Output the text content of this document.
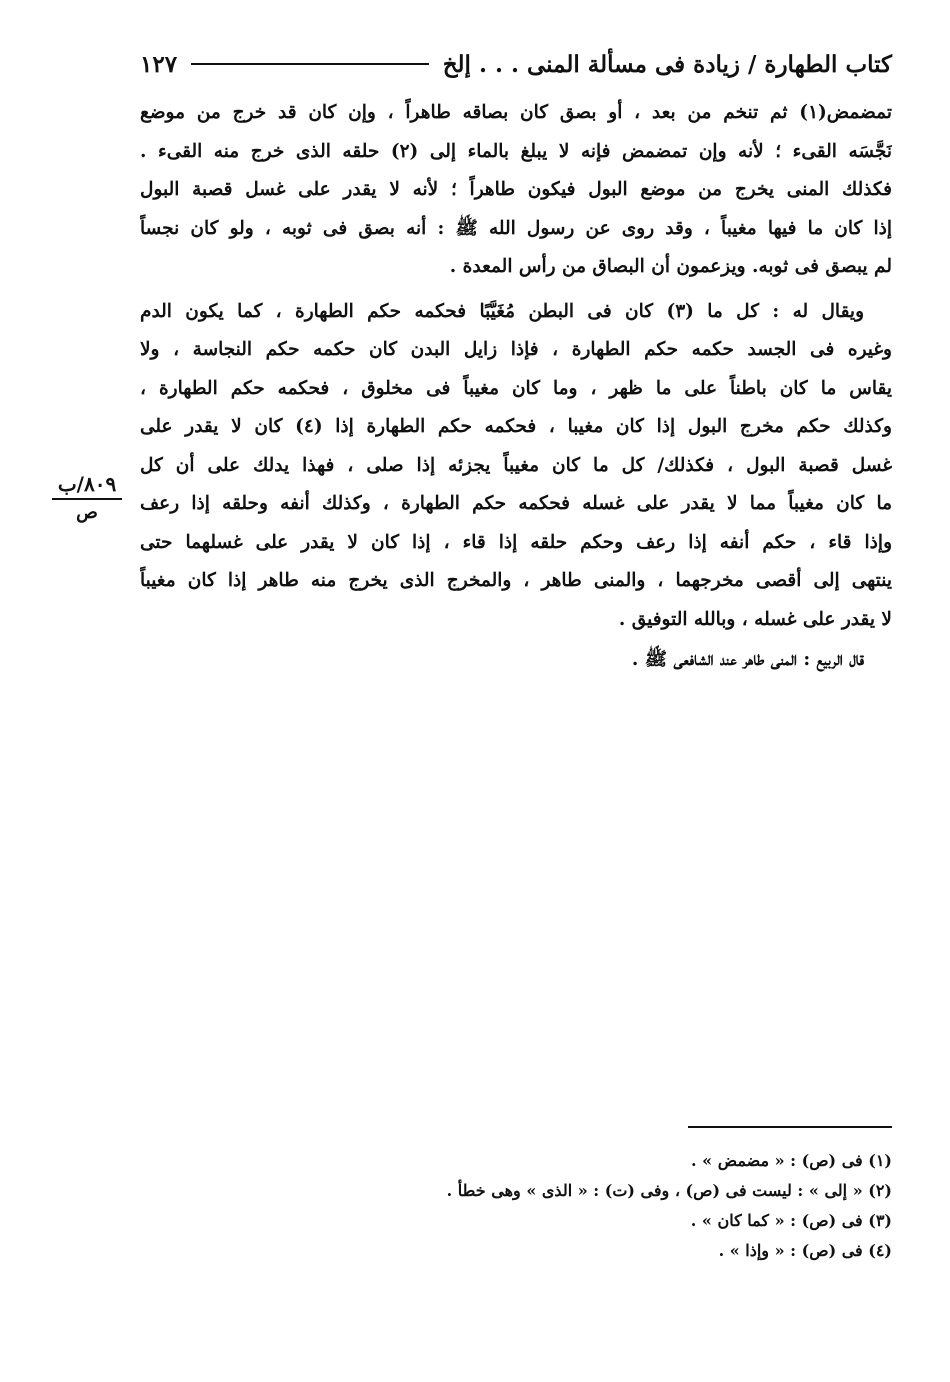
كتاب الطهارة / زيادة فى مسألة المنى . . . إلخ
١٢٧
تمضمض(١) ثم تنخم من بعد ، أو بصق كان بصاقه طاهراً ، وإن كان قد خرج من موضع
نَجَّسَه القىء ؛ لأنه وإن تمضمض فإنه لا يبلغ بالماء إلى (٢) حلقه الذى خرج منه القىء .
فكذلك المنى يخرج من موضع البول فيكون طاهراً ؛ لأنه لا يقدر على غسل قصبة البول
إذا كان ما فيها مغيباً ، وقد روى عن رسول الله ﷺ : أنه بصق فى ثوبه ، ولو كان نجساً
لم يبصق فى ثوبه. ويزعمون أن البصاق من رأس المعدة .
ويقال له : كل ما (٣) كان فى البطن مُغَيَّبًا فحكمه حكم الطهارة ، كما يكون الدم
وغيره فى الجسد حكمه حكم الطهارة ، فإذا زايل البدن كان حكمه حكم النجاسة ، ولا
يقاس ما كان باطناً على ما ظهر ، وما كان مغيباً فى مخلوق ، فحكمه حكم الطهارة ،
وكذلك حكم مخرج البول إذا كان مغيبا ، فحكمه حكم الطهارة إذا (٤) كان لا يقدر على
غسل قصبة البول ، فكذلك/ كل ما كان مغيباً يجزئه إذا صلى ، فهذا يدلك على أن كل
ما كان مغيباً مما لا يقدر على غسله فحكمه حكم الطهارة ، وكذلك أنفه وحلقه إذا رعف
وإذا قاء ، حكم أنفه إذا رعف وحكم حلقه إذا قاء ، إذا كان لا يقدر على غسلهما حتى
ينتهى إلى أقصى مخرجهما ، والمنى طاهر ، والمخرج الذى يخرج منه طاهر إذا كان مغيباً
لا يقدر على غسله ، وبالله التوفيق .
قال الربيع : المنى طاهر عند الشافعى ﷺ .
٨٠٩/ب
ص
(١) فى (ص) : « مضمض » .
(٢) « إلى » : ليست فى (ص) ، وفى (ت) : « الذى » وهى خطأ .
(٣) فى (ص) : « كما كان » .
(٤) فى (ص) : « وإذا » .
